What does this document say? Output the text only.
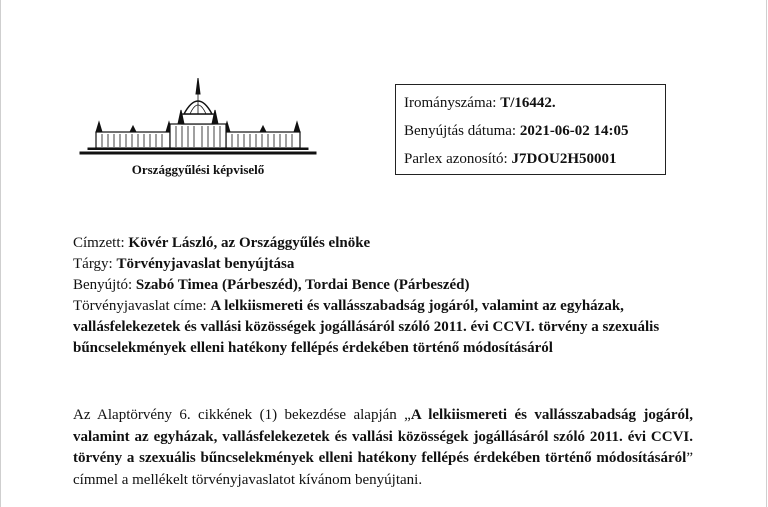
Országgyűlési képviselő
Irományszáma: T/16442.
Benyújtás dátuma: 2021-06-02 14:05
Parlex azonosító: J7DOU2H50001

Címzett: Kövér László, az Országgyűlés elnöke

Tárgy: Törvényjavaslat benyújtása

Benyújtó: Szabó Timea (Párbeszéd), Tordai Bence (Párbeszéd)

Törvényjavaslat címe: A lelkiismereti és vallásszabadság jogáról, valamint az egyházak, vallásfelekezetek és vallási közösségek jogállásáról szóló 2011. évi CCVI. törvény a szexuális bűncselekmények elleni hatékony fellépés érdekében történő módosításáról

Az Alaptörvény 6. cikkének (1) bekezdése alapján „A lelkiismereti és vallásszabadság jogáról, valamint az egyházak, vallásfelekezetek és vallási közösségek jogállásáról szóló 2011. évi CCVI. törvény a szexuális bűncselekmények elleni hatékony fellépés érdekében történő módosításáról” címmel a mellékelt törvényjavaslatot kívánom benyújtani.
